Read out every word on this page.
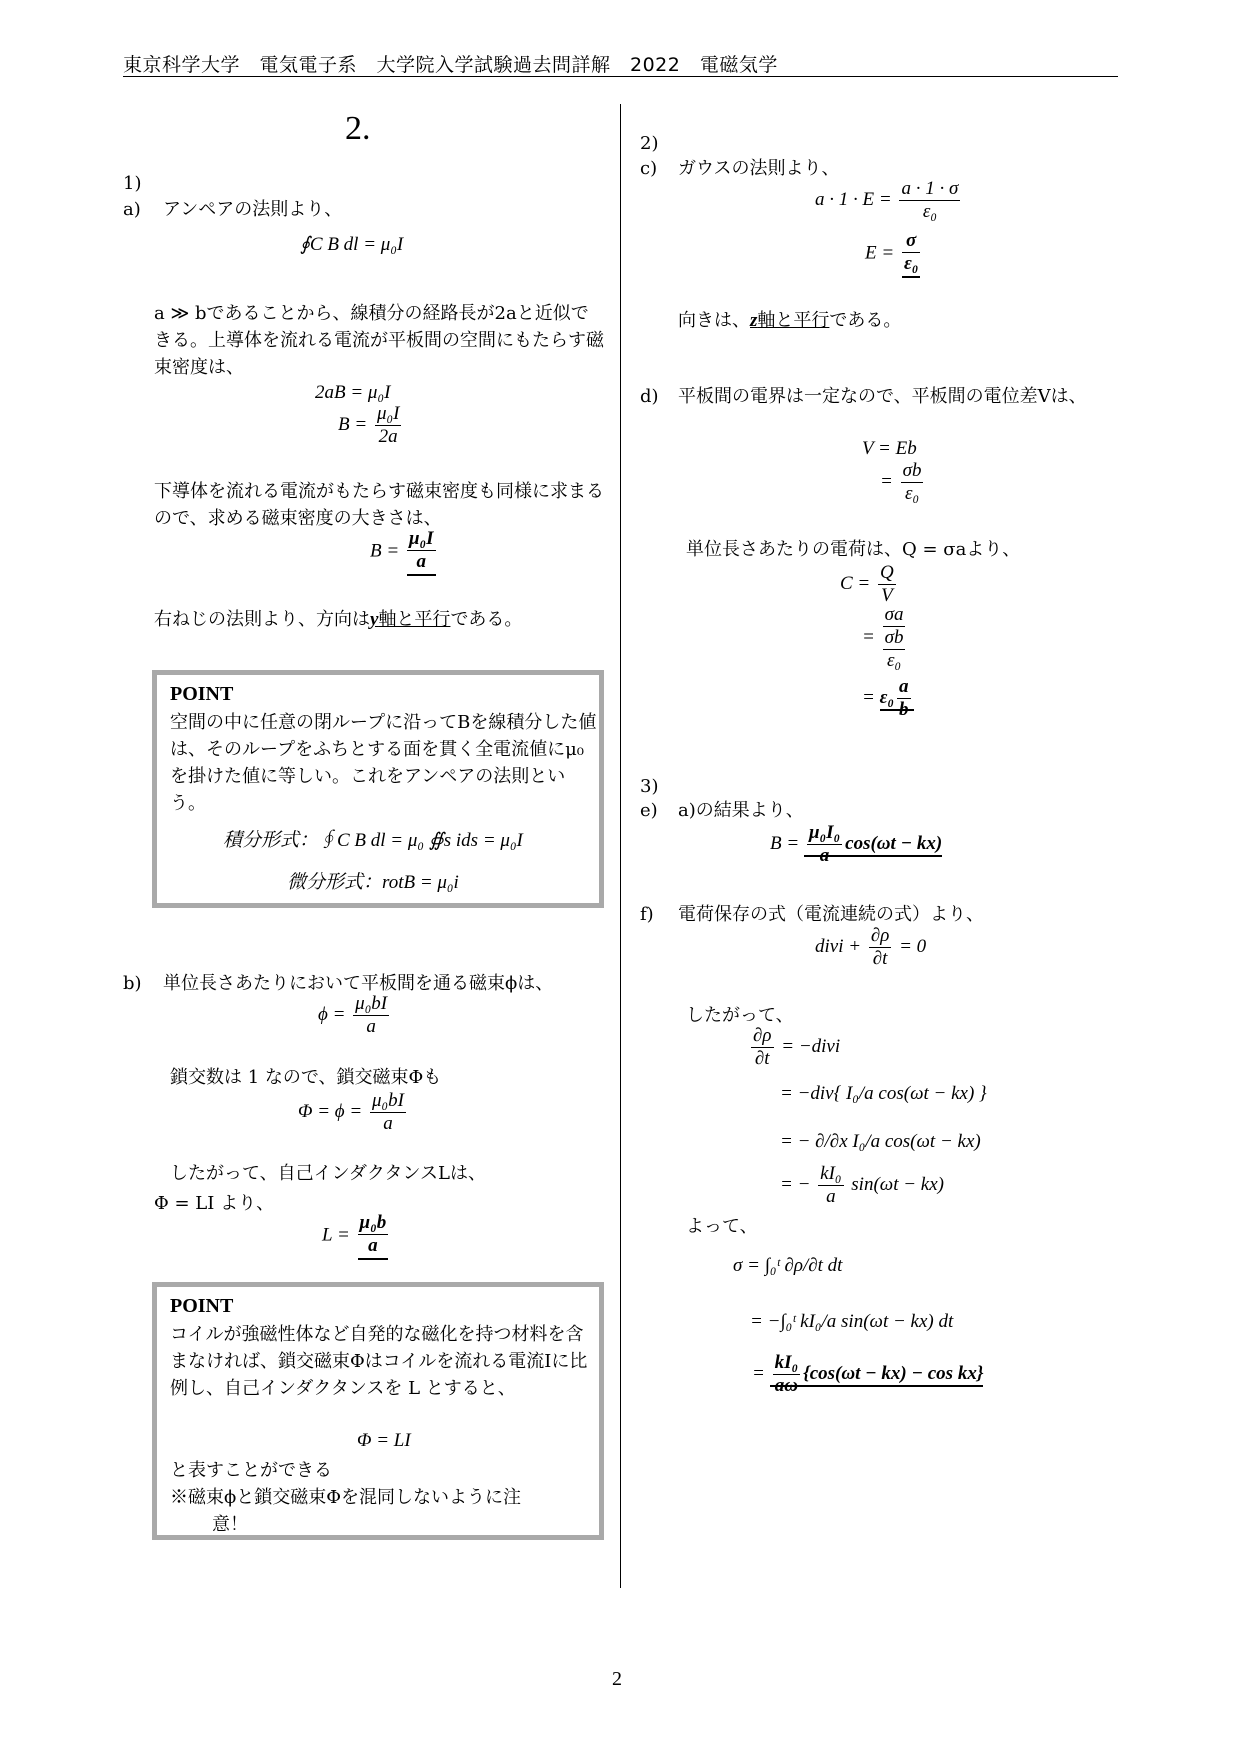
東京科学大学　電気電子系　大学院入学試験過去問詳解　2022　電磁気学
2.
1)
a) アンペアの法則より、
∮C B dl = μ₀I
a ≫ bであることから、線積分の経路長が2aと近似できる。上導体を流れる電流が平板間の空間にもたらす磁束密度は、
2aB = μ₀I
$B = \frac{\text{μ₀I}}{2a}$
下導体を流れる電流がもたらす磁束密度も同様に求まるので、求める磁束密度の大きさは、
$B = \frac{\text{μ₀I}}{a}$
右ねじの法則より、方向はy軸と平行である。
POINT
空間の中に任意の閉ループに沿ってBを線積分した値は、そのループをふちとする面を貫く全電流値にμ₀を掛けた値に等しい。これをアンペアの法則という。
積分形式：∮C B dl = μ₀ ∯s ids = μ₀I
微分形式：rotB = μ₀i
b) 単位長さあたりにおいて平板間を通る磁束ϕは、
$\phi = \frac{\text{μ₀bI}}{a}$
鎖交数は 1 なので、鎖交磁束Φも
$\Phi = \phi = \frac{\text{μ₀bI}}{a}$
したがって、自己インダクタンスLは、
Φ = LI より、
$L = \frac{\text{μ₀b}}{a}$
POINT
コイルが強磁性体など自発的な磁化を持つ材料を含まなければ、鎖交磁束Φはコイルを流れる電流Iに比例し、自己インダクタンスを L とすると、
Φ = LI
と表すことができる
※磁束ϕと鎖交磁束Φを混同しないように注
意！
2)
c) ガウスの法則より、
$a \cdot 1 \cdot E = \frac{a \cdot 1 \cdot \sigma}{\text{ε₀}}$
$E = \frac{\sigma}{\text{ε₀}}$
向きは、z軸と平行である。
d) 平板間の電界は一定なので、平板間の電位差Vは、
V = Eb
= $\frac{\sigma b}{\text{ε₀}}$
単位長さあたりの電荷は、Q = σaより、
$C = \frac{Q}{V}$
=
σa
σb
ε₀
= $\varepsilon_0 \frac{a}{b}$
3)
e) a)の結果より、
$B = \frac{\text{μ₀I₀}}{a} \cos(\omega t - kx)$
f) 電荷保存の式（電流連続の式）より、
divi + $\frac{\partial\rho}{\partial t} = 0$
したがって、
$\frac{\partial\rho}{\partial t}$ = −divi
= −div{ I₀/a cos(ωt − kx) }
= − ∂/∂x I₀/a cos(ωt − kx)
= − $\frac{\text{kI₀}}{a} \sin(\omega t - kx)$
よって、
σ = ∫₀ᵗ ∂ρ/∂t dt
= −∫₀ᵗ kI₀/a sin(ωt − kx) dt
= $\frac{\text{kI₀}}{a\omega} \{\cos(\omega t - kx) - \cos kx\}$
2
